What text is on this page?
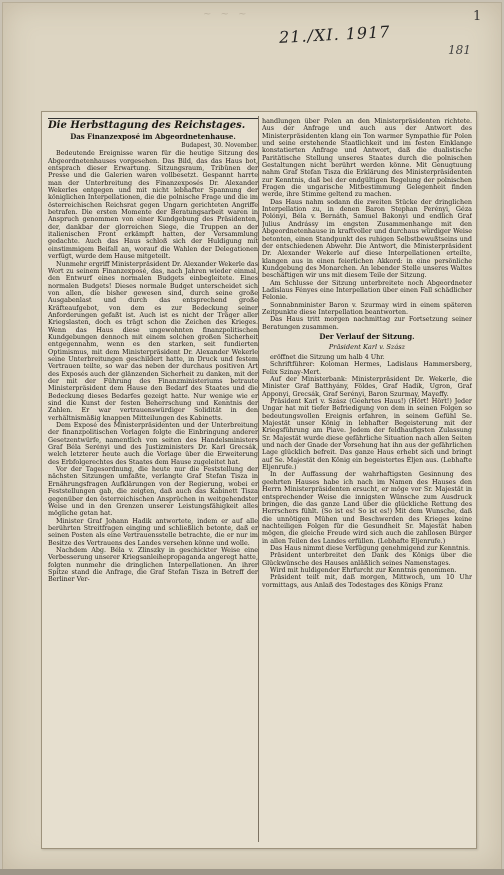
~ ~ ~	1
21./XI. 1917
181
Die Herbsttagung des Reichstages.
Das Finanzexposé im Abgeordnetenhause.
Budapest, 30. November.

Bedeutende Ereignisse waren für die heutige Sitzung des Abgeordnetenhauses vorgesehen. Das Bild, das das Haus bot, entsprach dieser Erwartung. Sitzungsraum, Tribünen der Presse und die Galerien waren vollbesetzt. Gespannt harrte man der Unterbreitung des Finanzexposés Dr. Alexander Wekerles entgegen und mit nicht lebhafter Spannung der königlichen Interpellationen, die die polnische Frage und die im österreichischen Reichsrat gegen Ungarn gerichteten Angriffe betrafen. Die ersten Momente der Beratungsarbeit waren in Anspruch genommen von einer Kundgebung des Präsidenten, der, dankbar der glorreichen Siege, die Truppen an der italienischen Front erkämpft hatten, der Versammlung gedachte. Auch das Haus schloß sich der Huldigung mit einstimmigem Beifall an, worauf die Wahlen der Delegationen verfügt, wurde dem Hause mitgeteilt.

Nunmehr ergriff Ministerpräsident Dr. Alexander Wekerle das Wort zu seinem Finanzexposé, das, nach Jahren wieder einmal, den Entwurf eines normalen Budgets einbegleitete. Eines normalen Budgets! Dieses normale Budget unterscheidet sich von allen, die bisher gewesen sind, durch seine große Ausgabenlast und durch das entsprechend große Kräfteaufgebot, von dem es zur Bedeckung seiner Anforderungen gefaßt ist. Auch ist es nicht der Träger aller Kriegslasten, doch es trägt schon die Zeichen des Krieges. Wenn das Haus diese ungewohnten finanzpolitischen Kundgebungen dennoch mit einem solchen großen Sicherheit entgegennahm, wenn es den starken, seit fundierten Optimismus, mit dem Ministerpräsident Dr. Alexander Wekerle seine Unterbreitungen geschildert hatte, in Druck und festem Vertrauen teilte, so war das neben der durchaus positiven Art des Exposés auch der glänzenden Sicherheit zu danken, mit der der mit der Führung des Finanzministeriums betraute Ministerpräsident dem Hause den Bedarf des Staates und die Bedeckung dieses Bedarfes gezeigt hatte. Nur wenige wie er sind die Kunst der festen Beherrschung und Kenntnis der Zahlen. Er war vertrauenswürdiger Solidität in den verhältnismäßig knappen Mitteilungen des Kabinetts.

Dem Exposé des Ministerpräsidenten und der Unterbreitung der finanzpolitischen Vorlagen folgte die Einbringung anderer Gesetzentwürfe, namentlich von seiten des Handelsministers Graf Béla Serényi und des Justizministers Dr. Karl Grecsák, welch letzterer heute auch die Vorlage über die Erweiterung des Erbfolgerechtes des Staates dem Hause zugeleitet hat.

Vor der Tagesordnung, die heute nur die Feststellung der nächsten Sitzungen umfaßte, verlangte Graf Stefan Tisza in Ernährungsfragen Aufklärungen von der Regierung, wobei er Feststellungen gab, die zeigten, daß auch das Kabinett Tisza gegenüber den österreichischen Ansprüchen in weitgehendster Weise und in den Grenzen unserer Leistungsfähigkeit alles mögliche getan hat.

Minister Graf Johann Hadik antwortete, indem er auf alle berührten Streitfragen einging und schließlich betonte, daß er seinen Posten als eine Vertrauensstelle betrachte, die er nur im Besitze des Vertrauens des Landes versehen könne und wolle.

Nachdem Abg. Béla v. Zlinszky in geschickter Weise eine Verbesserung unserer Kriegsanleihepropaganda angeregt hatte, folgten nunmehr die dringlichen Interpellationen. An ihrer Spitze stand die Anfrage, die Graf Stefan Tisza in Betreff der Berliner Ver-

handlungen über Polen an den Ministerpräsidenten richtete. Aus der Anfrage und auch aus der Antwort des Ministerpräsidenten klang ein Ton warmer Sympathie für Polen und seine erstehende Staatlichkeit und im festen Einklange konstatierten Anfrage und Antwort, daß die dualistische Paritätische Stellung unseres Staates durch die polnischen Gestaltungen nicht berührt werden könne. Mit Genugtuung nahm Graf Stefan Tisza die Erklärung des Ministerpräsidenten zur Kenntnis, daß bei der endgültigen Regelung der polnischen Fragen die ungarische Mitbestimmung Gelegenheit finden werde, ihre Stimme geltend zu machen.

Das Haus nahm sodann die zweiten Stücke der dringlichen Interpellation zu, in denen Baron Stephan Perényi, Géza Polónyi, Béla v. Bernáth, Samuel Bakonyi und endlich Graf Julius Andrássy im engsten Zusammenhange mit den Abgeordnetenhause in kraftvoller und durchaus würdiger Weise betonten, einen Standpunkt des ruhigen Selbstbewußtseins und der entschiedenen Abwehr. Die Antwort, die Ministerpräsident Dr. Alexander Wekerle auf diese Interpellationen erteilte, klangen aus in einen feierlichen Akkord: in eine persönliche Kundgebung des Monarchen. An lebender Stelle unseres Waltes beschäftigen wir uns mit diesem Teile der Sitzung.

Am Schlusse der Sitzung unterbreitete noch Abgeordneter Ladislaus Fényes eine Interpellation über einen Fall schädlicher Felonie.

Sonnabnminister Baron v. Szurmay wird in einem späteren Zeitpunkte diese Interpellation beantworten.

Das Haus tritt morgen nachmittag zur Fortsetzung seiner Beratungen zusammen.

Der Verlauf der Sitzung.

Präsident Karl v. Szász

eröffnet die Sitzung um halb 4 Uhr.

Schriftführer: Koloman Hermes, Ladislaus Hammersberg, Felix Szinay-Mert.

Auf der Ministerbank: Ministerpräsident Dr. Wekerle, die Minister Graf Batthyány, Földes, Graf Hadik, Ugron, Graf Apponyi, Grecsák, Graf Serényi, Baron Szurmay, Mayeffy.

Präsident Karl v. Szász (Geehrtes Haus!) (Hört! Hört!) Jeder Ungar hat mit tiefer Befriedigung von dem in seinen Folgen so bedeutungsvollen Ereignis erfahren, in seinem Gefühl Se. Majestät unser König in lebhafter Begeisterung mit der Kriegsführung am Piave. Jedem der feldhaufigsten Zulassung Sr. Majestät wurde diese gefährliche Situation nach allen Seiten und nach der Gnade der Vorsehung hat ihn aus der gefährlichen Lage glücklich befreit. Das ganze Haus erhebt sich und bringt auf Se. Majestät den König ein begeistertes Éljen aus. (Lebhafte Eljenrufe.)

In der Auffassung der wahrhaftigsten Gesinnung des geehrten Hauses habe ich nach im Namen des Hauses den Herrn Ministerpräsidenten ersucht, er möge vor Sr. Majestät in entsprechender Weise die innigsten Wünsche zum Ausdruck bringen, die das ganze Land über die glückliche Rettung des Herrschers fühlt. (So ist es! So ist es!) Mit dem Wunsche, daß die unnötigen Mühen und Beschwerden des Krieges keine nachteiligen Folgen für die Gesundheit Sr. Majestät haben mögen, die gleiche Freude wird sich auch die zahllosen Bürger in allen Teilen des Landes erfüllen. (Lebhafte Eljenrufe.)

Das Haus nimmt diese Verfügung genehmigend zur Kenntnis.

Präsident unterbreitet den Dank des Königs über die Glückwünsche des Hauses anläßlich seines Namenstages.

Wird mit huldigender Ehrfurcht zur Kenntnis genommen.

Präsident teilt mit, daß morgen, Mittwoch, um 10 Uhr vormittags, aus Anlaß des Todestages des Königs Franz
